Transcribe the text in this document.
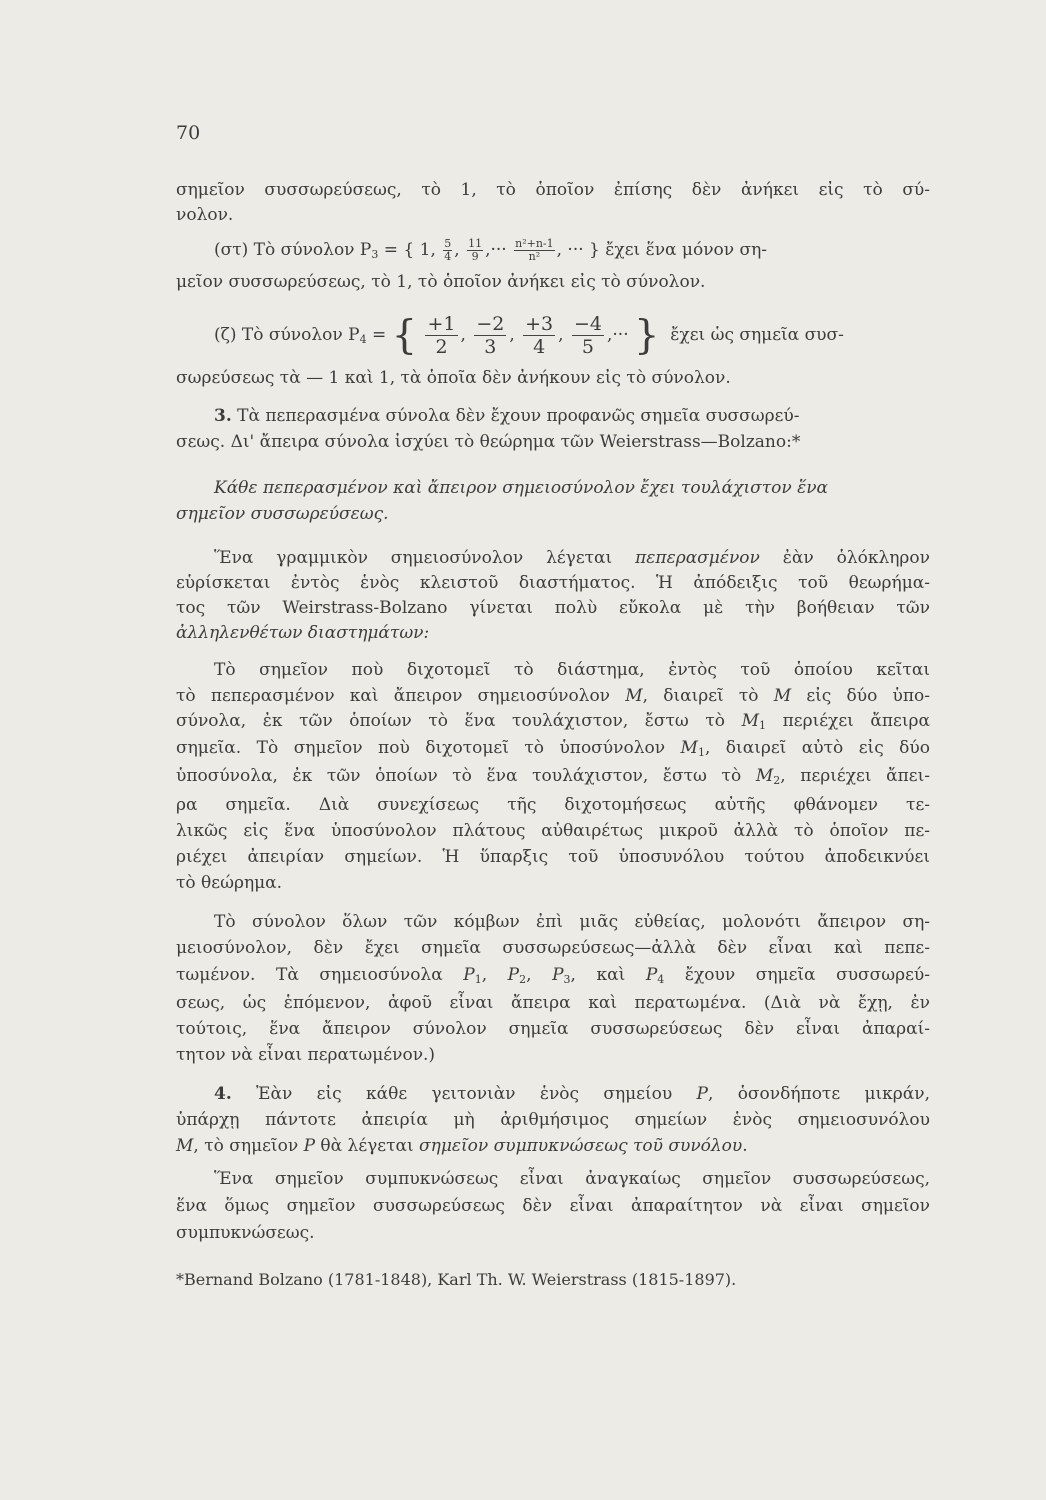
70
σημεῖον συσσωρεύσεως, τὸ 1, τὸ ὁποῖον ἐπίσης δὲν ἀνήκει εἰς τὸ σύ-
νολον.
(στ) Τὸ σύνολον $P_3$ = { 1, $\frac{5}{4}$ , $\frac{11}{9}$ ,··· $\frac{\text{n²+n-1}}{\text{n²}}$ , ··· } ἔχει ἕνα μόνον ση-
μεῖον συσσωρεύσεως, τὸ 1, τὸ ὁποῖον ἀνήκει εἰς τὸ σύνολον.
(ζ) Τὸ σύνολον $P_4$ = { $\frac{+1}{2}$ , $\frac{-2}{3}$ , $\frac{+3}{4}$ , $\frac{-4}{5}$ ,··· } ἔχει ὡς σημεῖα συσ-
σωρεύσεως τὰ — 1 καὶ 1, τὰ ὁποῖα δὲν ἀνήκουν εἰς τὸ σύνολον.
3. Τὰ πεπερασμένα σύνολα δὲν ἔχουν προφανῶς σημεῖα συσσωρεύ-
σεως. Δι' ἄπειρα σύνολα ἰσχύει τὸ θεώρημα τῶν Weierstrass—Bolzano:*
Κάθε πεπερασμένον καὶ ἄπειρον σημειοσύνολον ἔχει τουλάχιστον ἕνα
σημεῖον συσσωρεύσεως.
Ἕνα γραμμικὸν σημειοσύνολον λέγεται πεπερασμένον ἐὰν ὁλόκληρον
εὑρίσκεται ἐντὸς ἑνὸς κλειστοῦ διαστήματος. Ἡ ἀπόδειξις τοῦ θεωρήμα-
τος τῶν Weirstrass-Bolzano γίνεται πολὺ εὔκολα μὲ τὴν βοήθειαν τῶν
ἀλληλενθέτων διαστημάτων:
Τὸ σημεῖον ποὺ διχοτομεῖ τὸ διάστημα, ἐντὸς τοῦ ὁποίου κεῖται
τὸ πεπερασμένον καὶ ἄπειρον σημειοσύνολον M, διαιρεῖ τὸ M εἰς δύο ὑπο-
σύνολα, ἐκ τῶν ὁποίων τὸ ἕνα τουλάχιστον, ἔστω τὸ $M_1$ περιέχει ἄπειρα
σημεῖα. Τὸ σημεῖον ποὺ διχοτομεῖ τὸ ὑποσύνολον $M_1$, διαιρεῖ αὐτὸ εἰς δύο
ὑποσύνολα, ἐκ τῶν ὁποίων τὸ ἕνα τουλάχιστον, ἔστω τὸ $M_2$, περιέχει ἄπει-
ρα σημεῖα. Διὰ συνεχίσεως τῆς διχοτομήσεως αὐτῆς φθάνομεν τε-
λικῶς εἰς ἕνα ὑποσύνολον πλάτους αὐθαιρέτως μικροῦ ἀλλὰ τὸ ὁποῖον πε-
ριέχει ἀπειρίαν σημείων. Ἡ ὕπαρξις τοῦ ὑποσυνόλου τούτου ἀποδεικνύει
τὸ θεώρημα.
Τὸ σύνολον ὅλων τῶν κόμβων ἐπὶ μιᾶς εὐθείας, μολονότι ἄπειρον ση-
μειοσύνολον, δὲν ἔχει σημεῖα συσσωρεύσεως—ἀλλὰ δὲν εἶναι καὶ πεπε-
τωμένον. Τὰ σημειοσύνολα $P_1$, $P_2$, $P_3$, καὶ $P_4$ ἔχουν σημεῖα συσσωρεύ-
σεως, ὡς ἑπόμενον, ἀφοῦ εἶναι ἄπειρα καὶ περατωμένα. (Διὰ νὰ ἔχῃ, ἐν
τούτοις, ἕνα ἄπειρον σύνολον σημεῖα συσσωρεύσεως δὲν εἶναι ἀπαραί-
τητον νὰ εἶναι περατωμένον.)
4. Ἐὰν εἰς κάθε γειτονιὰν ἑνὸς σημείου P, ὁσονδήποτε μικράν,
ὑπάρχῃ πάντοτε ἀπειρία μὴ ἀριθμήσιμος σημείων ἑνὸς σημειοσυνόλου
M, τὸ σημεῖον P θὰ λέγεται σημεῖον συμπυκνώσεως τοῦ συνόλου.
Ἕνα σημεῖον συμπυκνώσεως εἶναι ἀναγκαίως σημεῖον συσσωρεύσεως,
ἕνα ὅμως σημεῖον συσσωρεύσεως δὲν εἶναι ἀπαραίτητον νὰ εἶναι σημεῖον
συμπυκνώσεως.
*Bernand Bolzano (1781-1848), Karl Th. W. Weierstrass (1815-1897).
